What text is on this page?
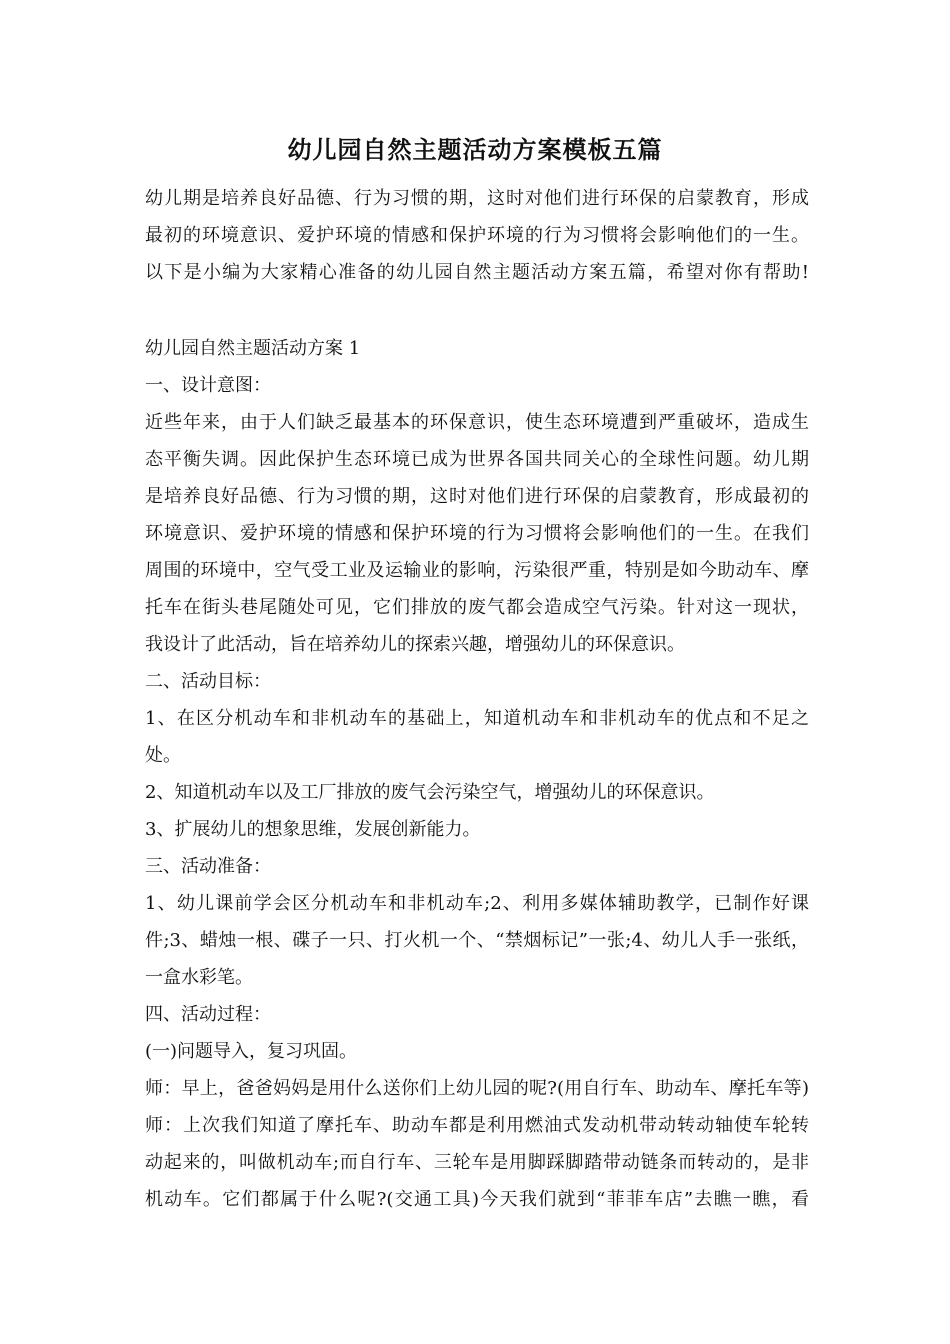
幼儿园自然主题活动方案模板五篇
幼儿期是培养良好品德、行为习惯的期，这时对他们进行环保的启蒙教育，形成
最初的环境意识、爱护环境的情感和保护环境的行为习惯将会影响他们的一生。
以下是小编为大家精心准备的幼儿园自然主题活动方案五篇，希望对你有帮助!
幼儿园自然主题活动方案 1
一、设计意图：
近些年来，由于人们缺乏最基本的环保意识，使生态环境遭到严重破坏，造成生
态平衡失调。因此保护生态环境已成为世界各国共同关心的全球性问题。幼儿期
是培养良好品德、行为习惯的期，这时对他们进行环保的启蒙教育，形成最初的
环境意识、爱护环境的情感和保护环境的行为习惯将会影响他们的一生。在我们
周围的环境中，空气受工业及运输业的影响，污染很严重，特别是如今助动车、摩
托车在街头巷尾随处可见，它们排放的废气都会造成空气污染。针对这一现状，
我设计了此活动，旨在培养幼儿的探索兴趣，增强幼儿的环保意识。
二、活动目标：
1、在区分机动车和非机动车的基础上，知道机动车和非机动车的优点和不足之
处。
2、知道机动车以及工厂排放的废气会污染空气，增强幼儿的环保意识。
3、扩展幼儿的想象思维，发展创新能力。
三、活动准备：
1、幼儿课前学会区分机动车和非机动车;2、利用多媒体辅助教学，已制作好课
件;3、蜡烛一根、碟子一只、打火机一个、“禁烟标记”一张;4、幼儿人手一张纸，
一盒水彩笔。
四、活动过程：
(一)问题导入，复习巩固。
师：早上，爸爸妈妈是用什么送你们上幼儿园的呢?(用自行车、助动车、摩托车等)
师：上次我们知道了摩托车、助动车都是利用燃油式发动机带动转动轴使车轮转
动起来的，叫做机动车;而自行车、三轮车是用脚踩脚踏带动链条而转动的，是非
机动车。它们都属于什么呢?(交通工具)今天我们就到“菲菲车店”去瞧一瞧，看
